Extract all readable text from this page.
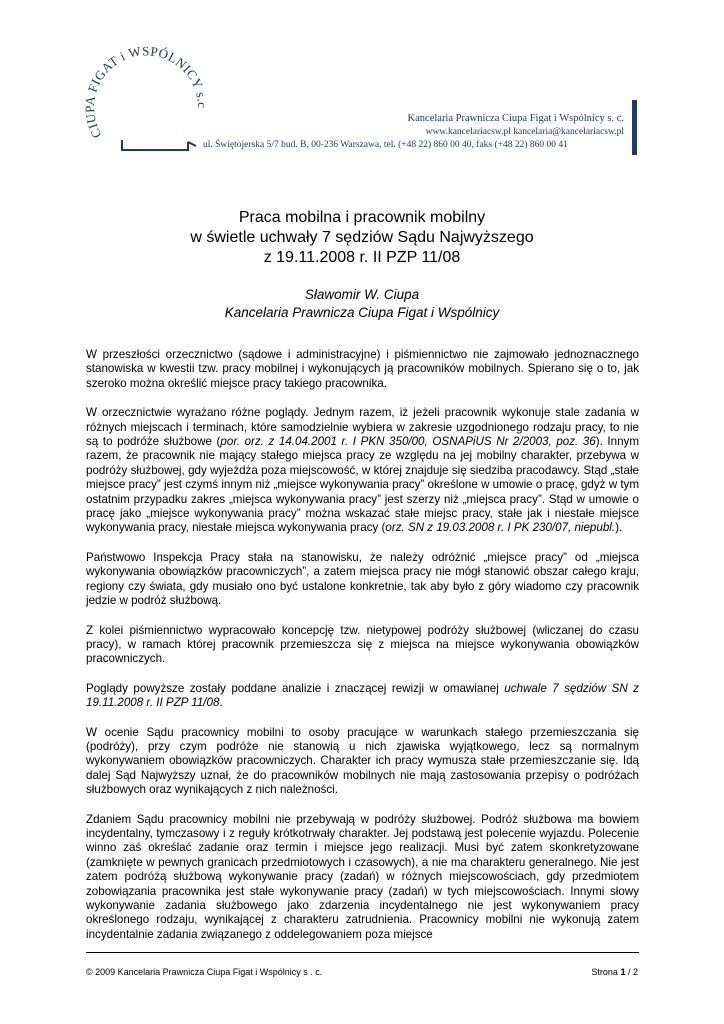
CIUPA FIGAT i WSPÓLNICY s.c
Kancelaria Prawnicza Ciupa Figat i Wspólnicy s. c.
www.kancelariacsw.pl kancelaria@kancelariacsw.pl
ul. Świętojerska 5/7 bud. B, 00-236 Warszawa, tel. (+48 22) 860 00 40, faks (+48 22) 860 00 41
Praca mobilna i pracownik mobilny
w świetle uchwały 7 sędziów Sądu Najwyższego
z 19.11.2008 r. II PZP 11/08
Sławomir W. Ciupa
Kancelaria Prawnicza Ciupa Figat i Wspólnicy

W przeszłości orzecznictwo (sądowe i administracyjne) i piśmiennictwo nie zajmowało jednoznacznego stanowiska w kwestii tzw. pracy mobilnej i wykonujących ją pracowników mobilnych. Spierano się o to, jak szeroko można określić miejsce pracy takiego pracownika.

W orzecznictwie wyrażano różne poglądy. Jednym razem, iż jeżeli pracownik wykonuje stale zadania w różnych miejscach i terminach, które samodzielnie wybiera w zakresie uzgodnionego rodzaju pracy, to nie są to podróże służbowe (por. orz. z 14.04.2001 r. I PKN 350/00, OSNAPiUS Nr 2/2003, poz. 36). Innym razem, że pracownik nie mający stałego miejsca pracy ze względu na jej mobilny charakter, przebywa w podróży służbowej, gdy wyjeżdża poza miejscowość, w której znajduje się siedziba pracodawcy. Stąd „stałe miejsce pracy” jest czymś innym niż „miejsce wykonywania pracy” określone w umowie o pracę, gdyż w tym ostatnim przypadku zakres „miejsca wykonywania pracy” jest szerzy niż „miejsca pracy”. Stąd w umowie o pracę jako „miejsce wykonywania pracy” można wskazać stałe miejsc pracy, stałe jak i niestałe miejsce wykonywania pracy, niestałe miejsca wykonywania pracy (orz. SN z 19.03.2008 r. I PK 230/07, niepubl.).

Państwowo Inspekcja Pracy stała na stanowisku, że należy odróżnić „miejsce pracy” od „miejsca wykonywania obowiązków pracowniczych”, a zatem miejsca pracy nie mógł stanowić obszar całego kraju, regiony czy świata, gdy musiało ono być ustalone konkretnie, tak aby było z góry wiadomo czy pracownik jedzie w podróż służbową.

Z kolei piśmiennictwo wypracowało koncepcję tzw. nietypowej podróży służbowej (wliczanej do czasu pracy), w ramach której pracownik przemieszcza się z miejsca na miejsce wykonywania obowiązków pracowniczych.

Poglądy powyższe zostały poddane analizie i znaczącej rewizji w omawianej uchwale 7 sędziów SN z 19.11.2008 r. II PZP 11/08.

W ocenie Sądu pracownicy mobilni to osoby pracujące w warunkach stałego przemieszczania się (podróży), przy czym podróże nie stanowią u nich zjawiska wyjątkowego, lecz są normalnym wykonywaniem obowiązków pracowniczych. Charakter ich pracy wymusza stałe przemieszczanie się. Idą dalej Sąd Najwyższy uznał, że do pracowników mobilnych nie mają zastosowania przepisy o podróżach służbowych oraz wynikających z nich należności.

Zdaniem Sądu pracownicy mobilni nie przebywają w podróży służbowej. Podróż służbowa ma bowiem incydentalny, tymczasowy i z reguły krótkotrwały charakter. Jej podstawą jest polecenie wyjazdu. Polecenie winno zaś określać zadanie oraz termin i miejsce jego realizacji. Musi być zatem skonkretyzowane (zamknięte w pewnych granicach przedmiotowych i czasowych), a nie ma charakteru generalnego. Nie jest zatem podróżą służbową wykonywanie pracy (zadań) w różnych miejscowościach, gdy przedmiotem zobowiązania pracownika jest stałe wykonywanie pracy (zadań) w tych miejscowościach. Innymi słowy wykonywanie zadania służbowego jako zdarzenia incydentalnego nie jest wykonywaniem pracy określonego rodzaju, wynikającej z charakteru zatrudnienia. Pracownicy mobilni nie wykonują zatem incydentalnie zadania związanego z oddelegowaniem poza miejsce

© 2009 Kancelaria Prawnicza Ciupa Figat i Wspólnicy s . c.	Strona 1 / 2
